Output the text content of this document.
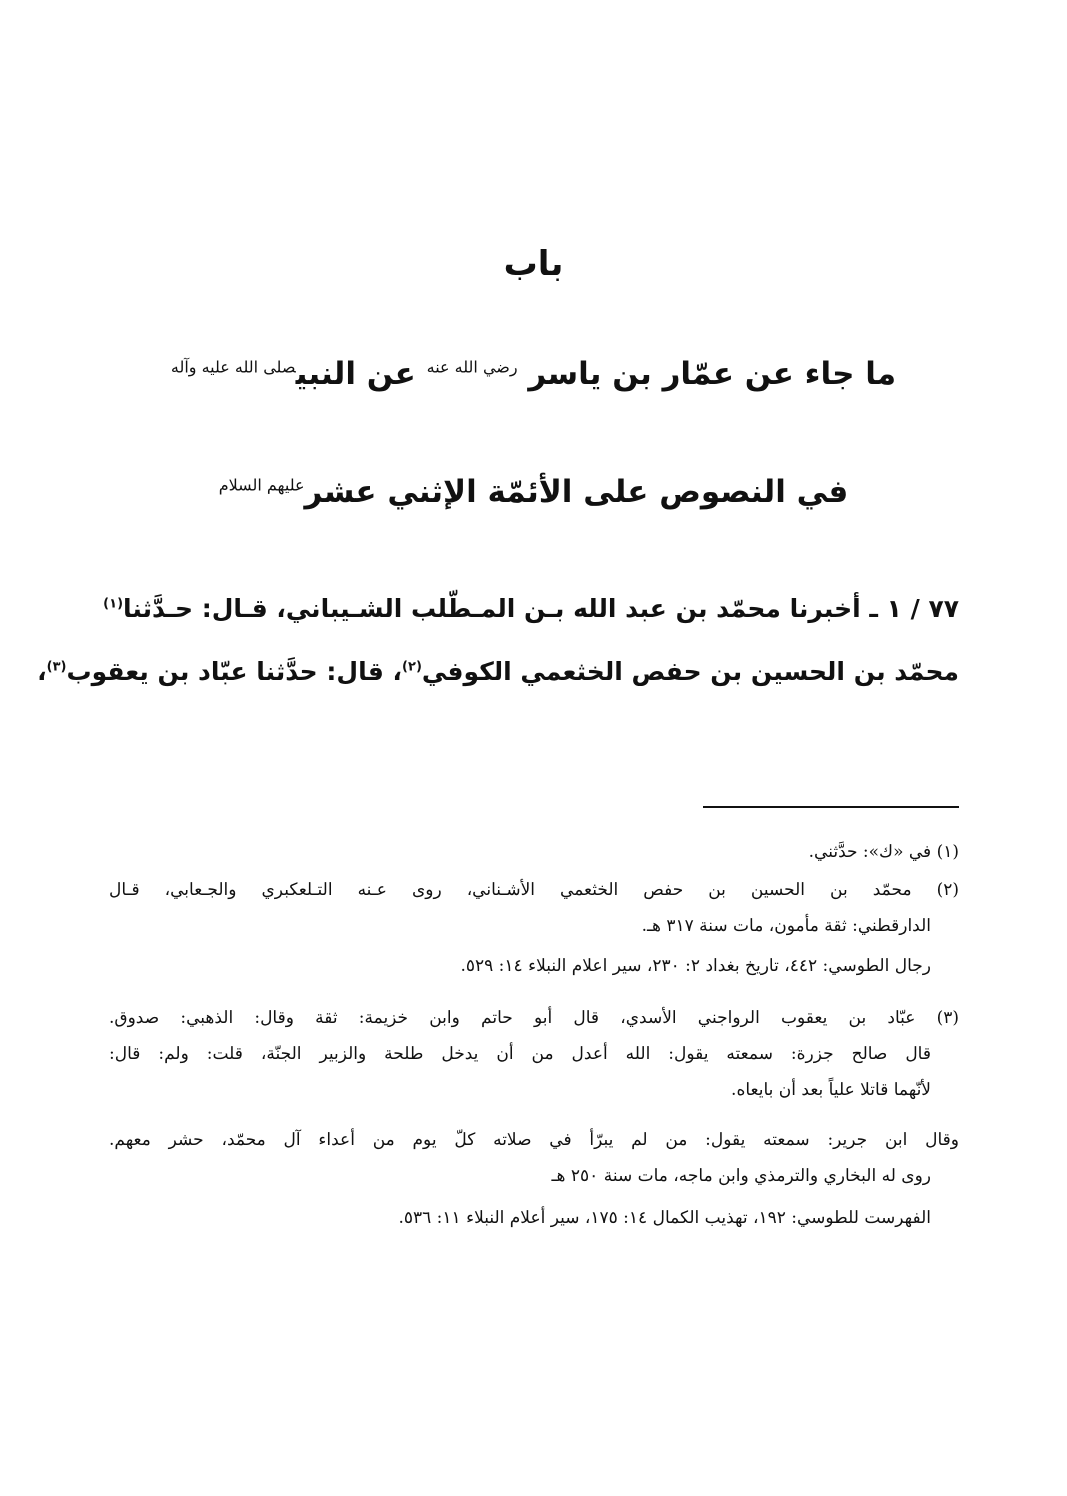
باب
ما جاء عن عمّار بن ياسر $^{رضي الله عنه}$ عن النبي$^{صلى الله عليه وآله}$
في النصوص على الأئمّة الإثني عشر$^{عليهم السلام}$
٧٧ / ١ ـ أخبرنا محمّد بن عبد الله بـن المـطّلب الشـيباني، قـال: حـدَّثنا$^{(١)}$
محمّد بن الحسين بن حفص الخثعمي الكوفي$^{(٢)}$، قال: حدَّثنا عبّاد بن يعقوب$^{(٣)}$،
(١) في «ك»: حدَّثني.
(٢) محمّد بن الحسين بن حفص الخثعمي الأشـناني، روى عـنه التـلعكبري والجـعابي، قـال
الدارقطني: ثقة مأمون، مات سنة ٣١٧ هـ.
رجال الطوسي: ٤٤٢، تاريخ بغداد ٢: ٢٣٠، سير اعلام النبلاء ١٤: ٥٢٩.
(٣) عبّاد بن يعقوب الرواجني الأسدي، قال أبو حاتم وابن خزيمة: ثقة وقال: الذهبي: صدوق.
قال صالح جزرة: سمعته يقول: الله أعدل من أن يدخل طلحة والزبير الجنّة، قلت: ولم: قال:
لأنّهما قاتلا علياً بعد أن بايعاه.
وقال ابن جرير: سمعته يقول: من لم يبرّأ في صلاته كلّ يوم من أعداء آل محمّد، حشر معهم.
روى له البخاري والترمذي وابن ماجه، مات سنة ٢٥٠ هـ
الفهرست للطوسي: ١٩٢، تهذيب الكمال ١٤: ١٧٥، سير أعلام النبلاء ١١: ٥٣٦.
